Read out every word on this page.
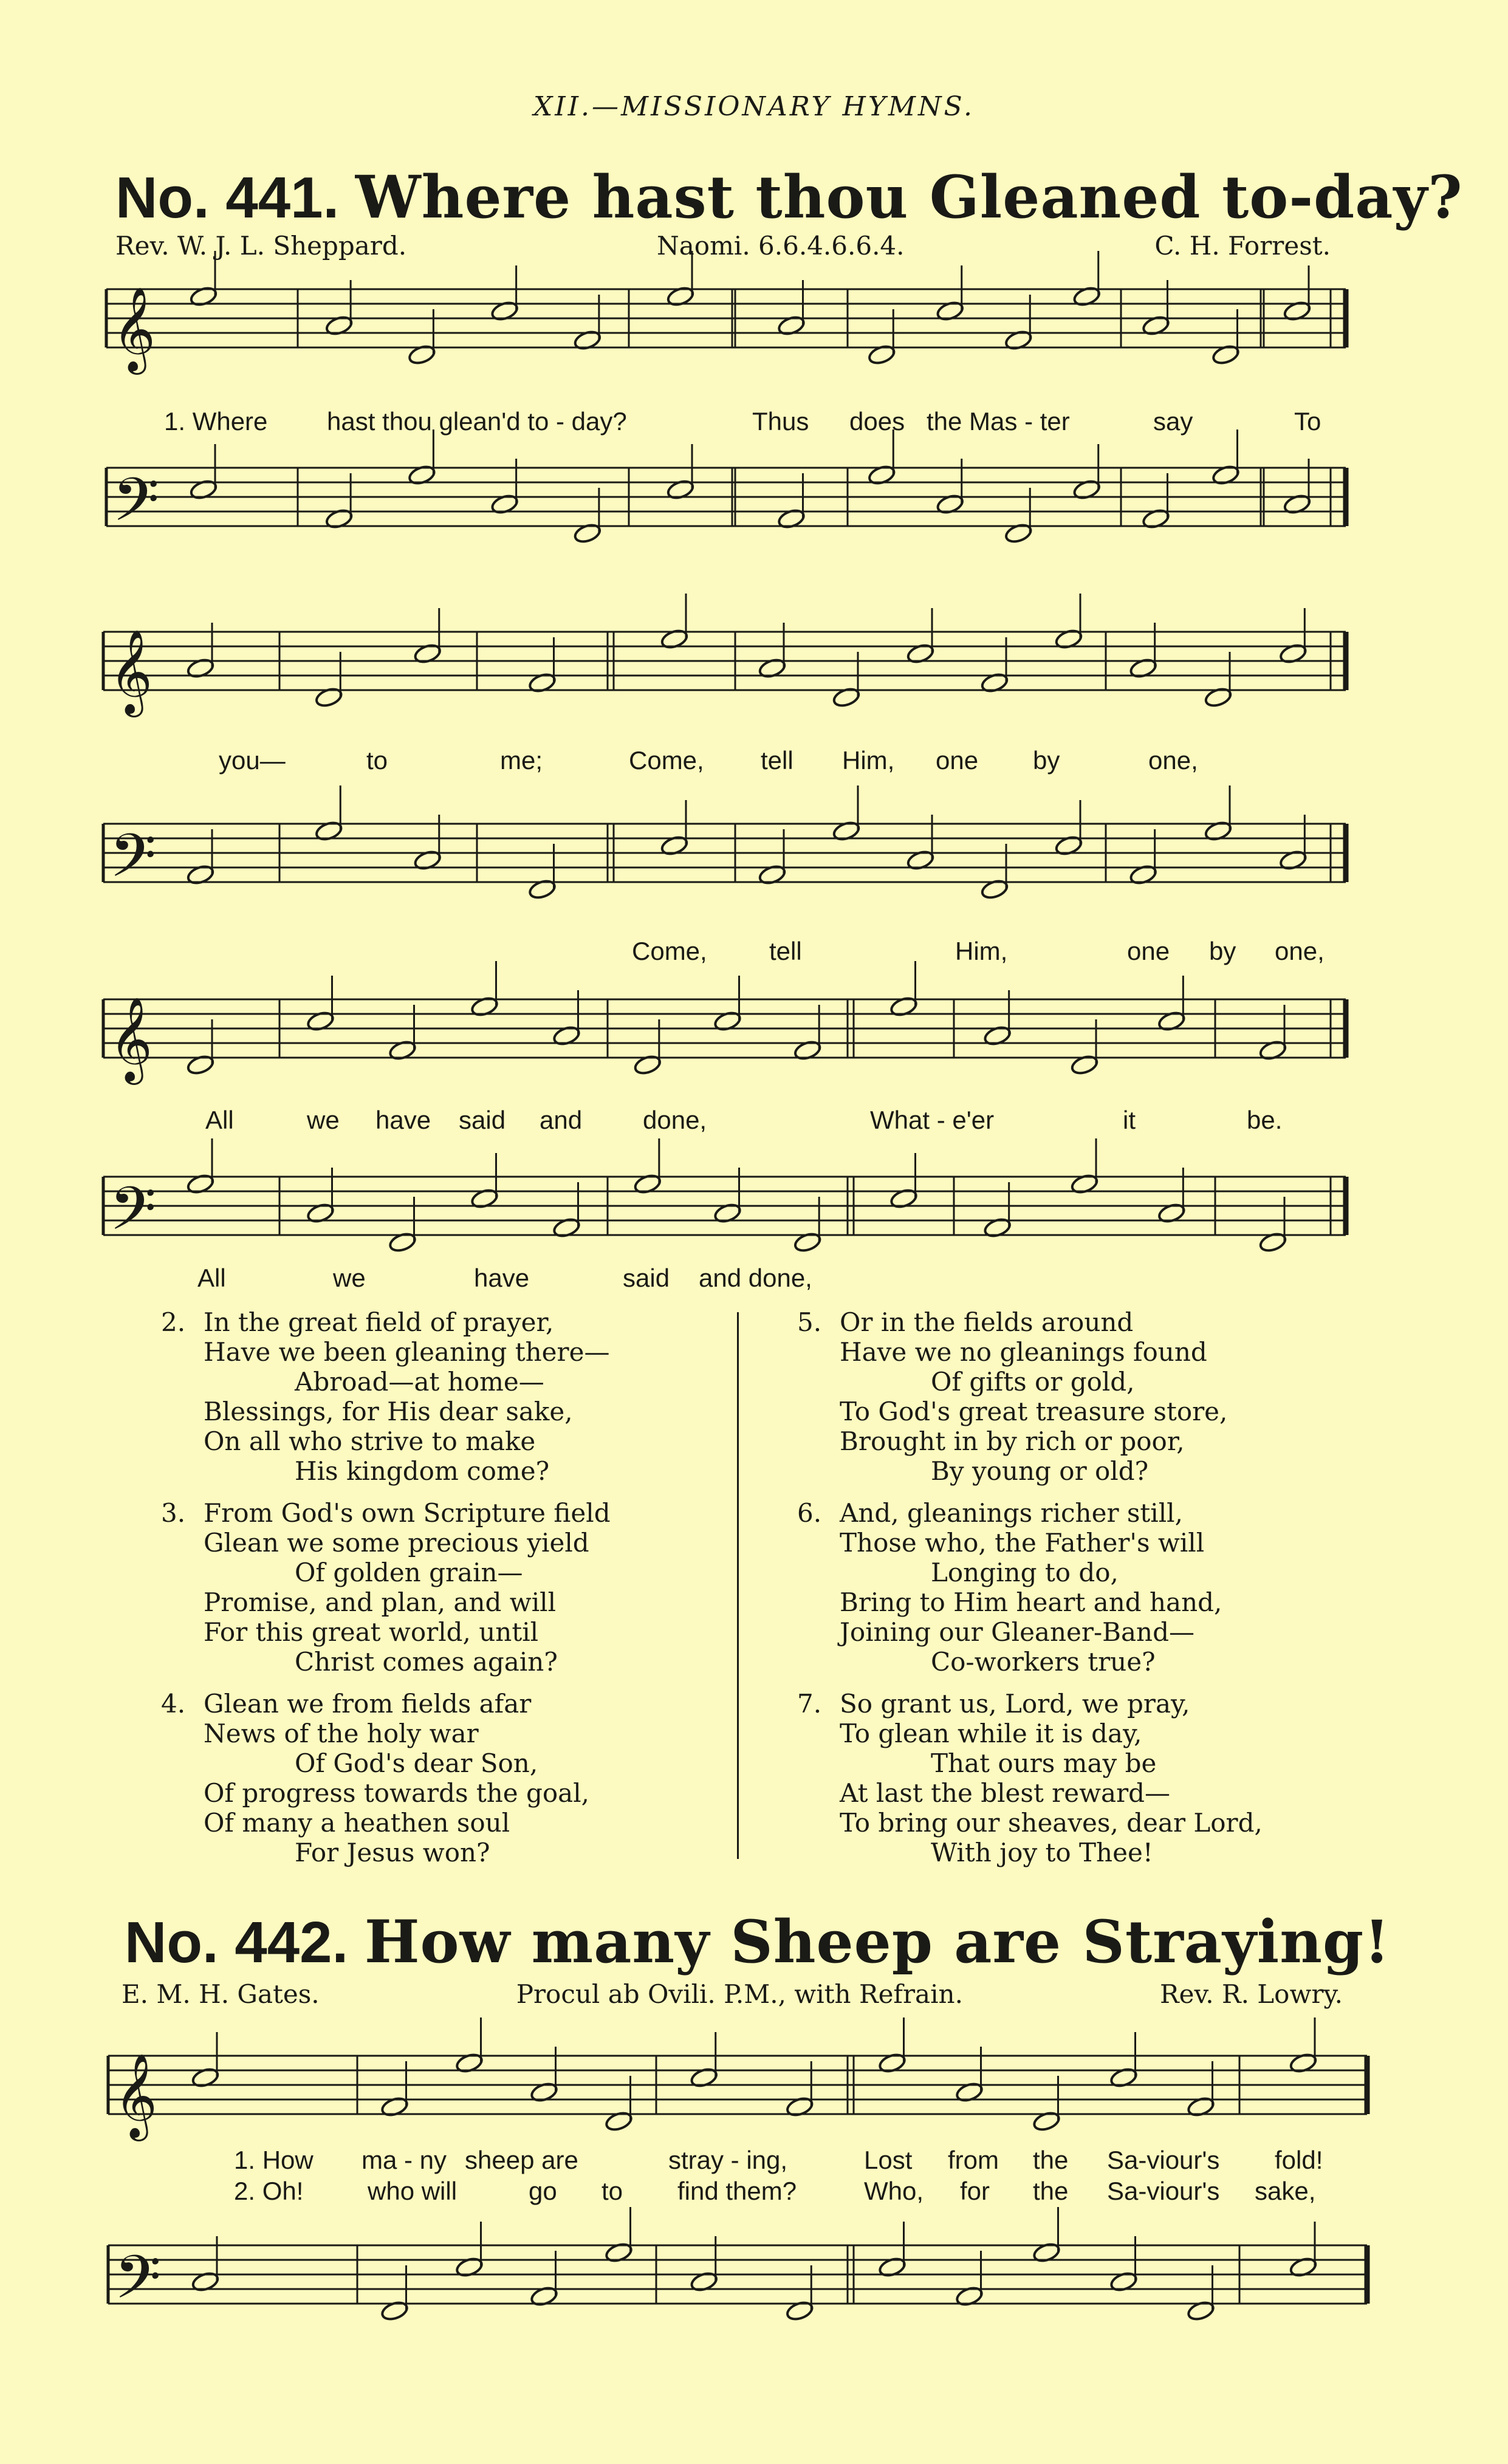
XII.—MISSIONARY HYMNS.
No. 441. Where hast thou Gleaned to-day?
Rev. W. J. L. Sheppard.	Naomi. 6.6.4.6.6.4.	C. H. Forrest.
𝄞
𝄢
𝄞
𝄢
𝄞
𝄢
𝄞
𝄢
1. Where hast thou glean'd to - day?	Thus does the Mas - ter	say	To
you—	to	me;	Come, tell Him, one by	one,
Come, tell	Him,	one by one,
All	we have said and done,	What - e'er	it	be.
All	we	have	said and done,
2. In the great field of prayer,
Have we been gleaning there—
Abroad—at home—
Blessings, for His dear sake,
On all who strive to make
His kingdom come?
3. From God's own Scripture field
Glean we some precious yield
Of golden grain—
Promise, and plan, and will
For this great world, until
Christ comes again?
4. Glean we from fields afar
News of the holy war
Of God's dear Son,
Of progress towards the goal,
Of many a heathen soul
For Jesus won?
5. Or in the fields around
Have we no gleanings found
Of gifts or gold,
To God's great treasure store,
Brought in by rich or poor,
By young or old?
6. And, gleanings richer still,
Those who, the Father's will
Longing to do,
Bring to Him heart and hand,
Joining our Gleaner-Band—
Co-workers true?
7. So grant us, Lord, we pray,
To glean while it is day,
That ours may be
At last the blest reward—
To bring our sheaves, dear Lord,
With joy to Thee!
No. 442. How many Sheep are Straying!
E. M. H. Gates.	Procul ab Ovili. P.M., with Refrain.	Rev. R. Lowry.
1. How ma - ny sheep are	stray - ing,	Lost from the Sa-viour's fold!
2. Oh!	who will	go to find them?	Who, for the Sa-viour's sake,
